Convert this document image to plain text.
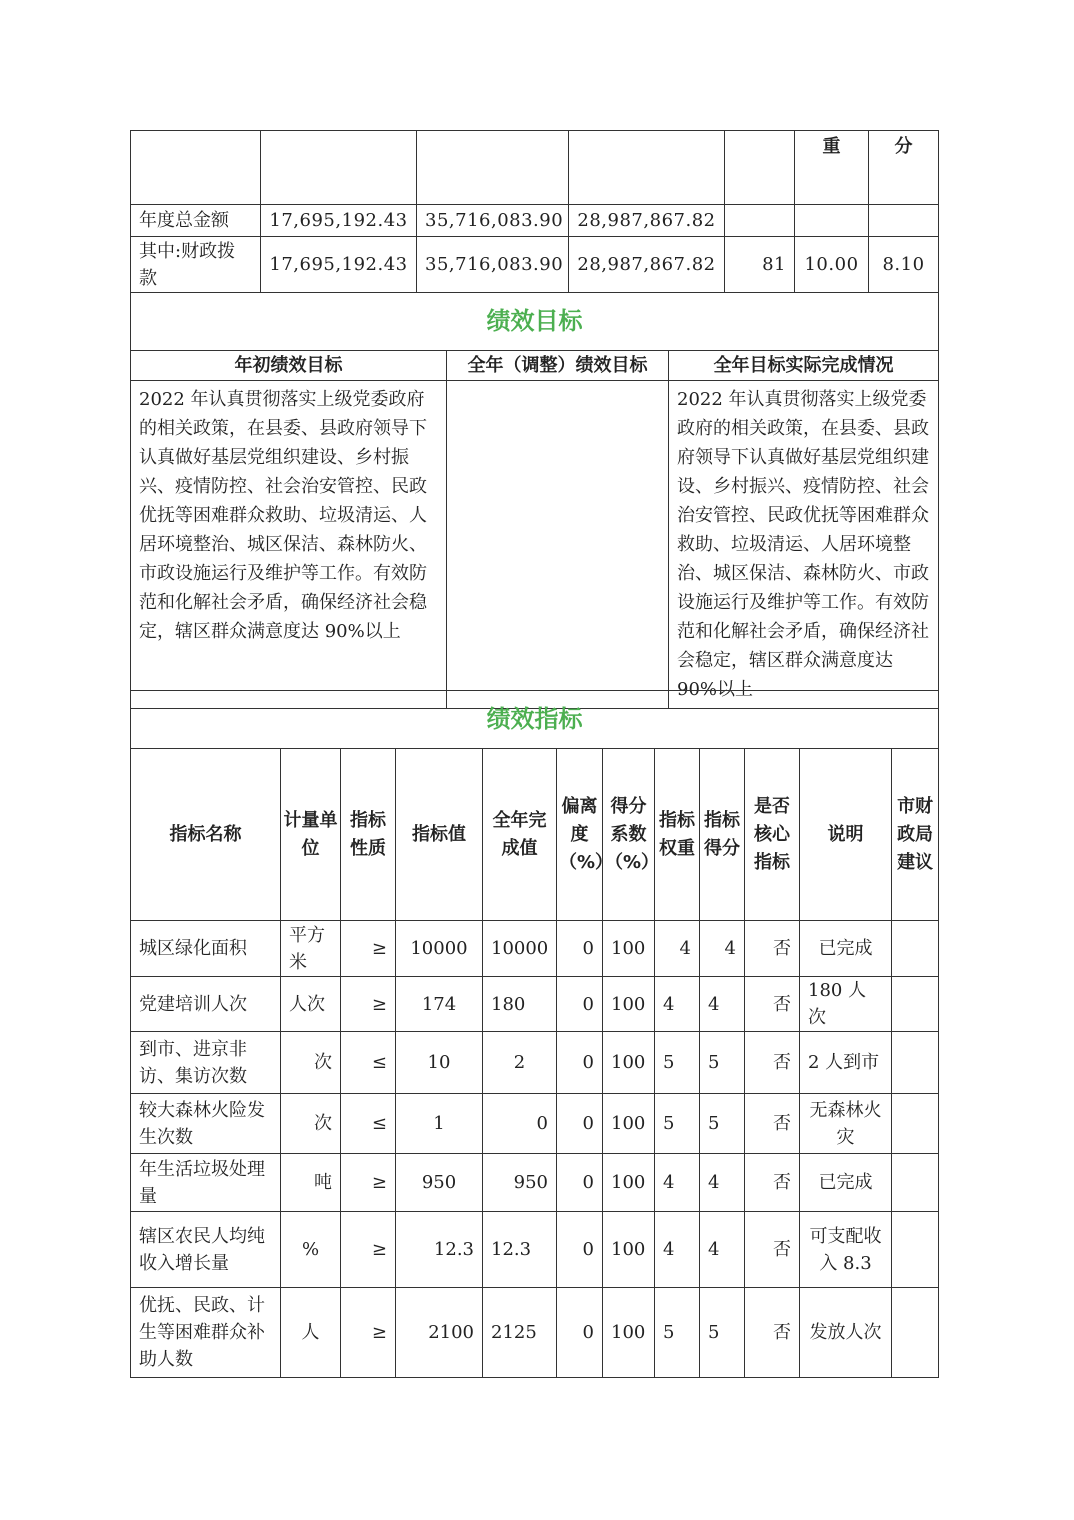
					重	分
年度总金额	17,695,192.43	35,716,083.90	28,987,867.82			
其中:财政拨款	17,695,192.43	35,716,083.90	28,987,867.82	81	10.00	8.10
绩效目标		
年初绩效目标	全年（调整）绩效目标	全年目标实际完成情况
2022 年认真贯彻落实上级党委政府的相关政策，在县委、县政府领导下认真做好基层党组织建设、乡村振兴、疫情防控、社会治安管控、民政优抚等困难群众救助、垃圾清运、人居环境整治、城区保洁、森林防火、市政设施运行及维护等工作。有效防范和化解社会矛盾，确保经济社会稳定，辖区群众满意度达 90%以上		2022 年认真贯彻落实上级党委政府的相关政策，在县委、县政府领导下认真做好基层党组织建设、乡村振兴、疫情防控、社会治安管控、民政优抚等困难群众救助、垃圾清运、人居环境整治、城区保洁、森林防火、市政设施运行及维护等工作。有效防范和化解社会矛盾，确保经济社会稳定，辖区群众满意度达 90%以上
绩效指标											
指标名称	计量单位	指标性质	指标值	全年完成值	偏离度（%）	得分系数（%）	指标权重	指标得分	是否核心指标	说明	市财政局建议
城区绿化面积	平方米	≥	10000	10000	0	100	4	4	否	已完成	
党建培训人次	人次	≥	174	180	0	100	4	4	否	180 人次	
到市、进京非访、集访次数	次	≤	10	2	0	100	5	5	否	2 人到市	
较大森林火险发生次数	次	≤	1	0	0	100	5	5	否	无森林火灾	
年生活垃圾处理量	吨	≥	950	950	0	100	4	4	否	已完成	
辖区农民人均纯收入增长量	%	≥	12.3	12.3	0	100	4	4	否	可支配收入 8.3	
优抚、民政、计生等困难群众补助人数	人	≥	2100	2125	0	100	5	5	否	发放人次	
